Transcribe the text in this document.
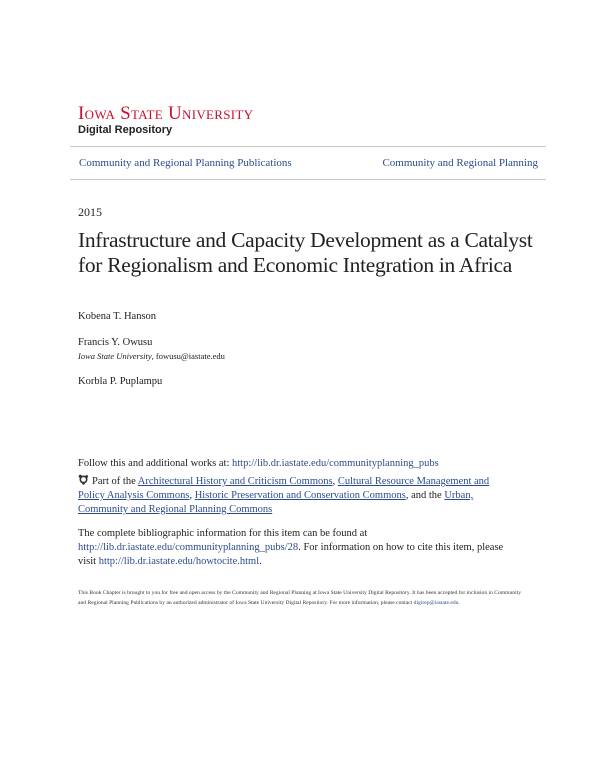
Iowa State University
Digital Repository
Community and Regional Planning Publications	Community and Regional Planning
2015
Infrastructure and Capacity Development as a Catalyst for Regionalism and Economic Integration in Africa
Kobena T. Hanson
Francis Y. Owusu
Iowa State University, fowusu@iastate.edu
Korbla P. Puplampu
Follow this and additional works at: http://lib.dr.iastate.edu/communityplanning_pubs
Part of the Architectural History and Criticism Commons, Cultural Resource Management and Policy Analysis Commons, Historic Preservation and Conservation Commons, and the Urban, Community and Regional Planning Commons
The complete bibliographic information for this item can be found at http://lib.dr.iastate.edu/communityplanning_pubs/28. For information on how to cite this item, please visit http://lib.dr.iastate.edu/howtocite.html.
This Book Chapter is brought to you for free and open access by the Community and Regional Planning at Iowa State University Digital Repository. It has been accepted for inclusion in Community and Regional Planning Publications by an authorized administrator of Iowa State University Digital Repository. For more information, please contact digirep@iastate.edu.
